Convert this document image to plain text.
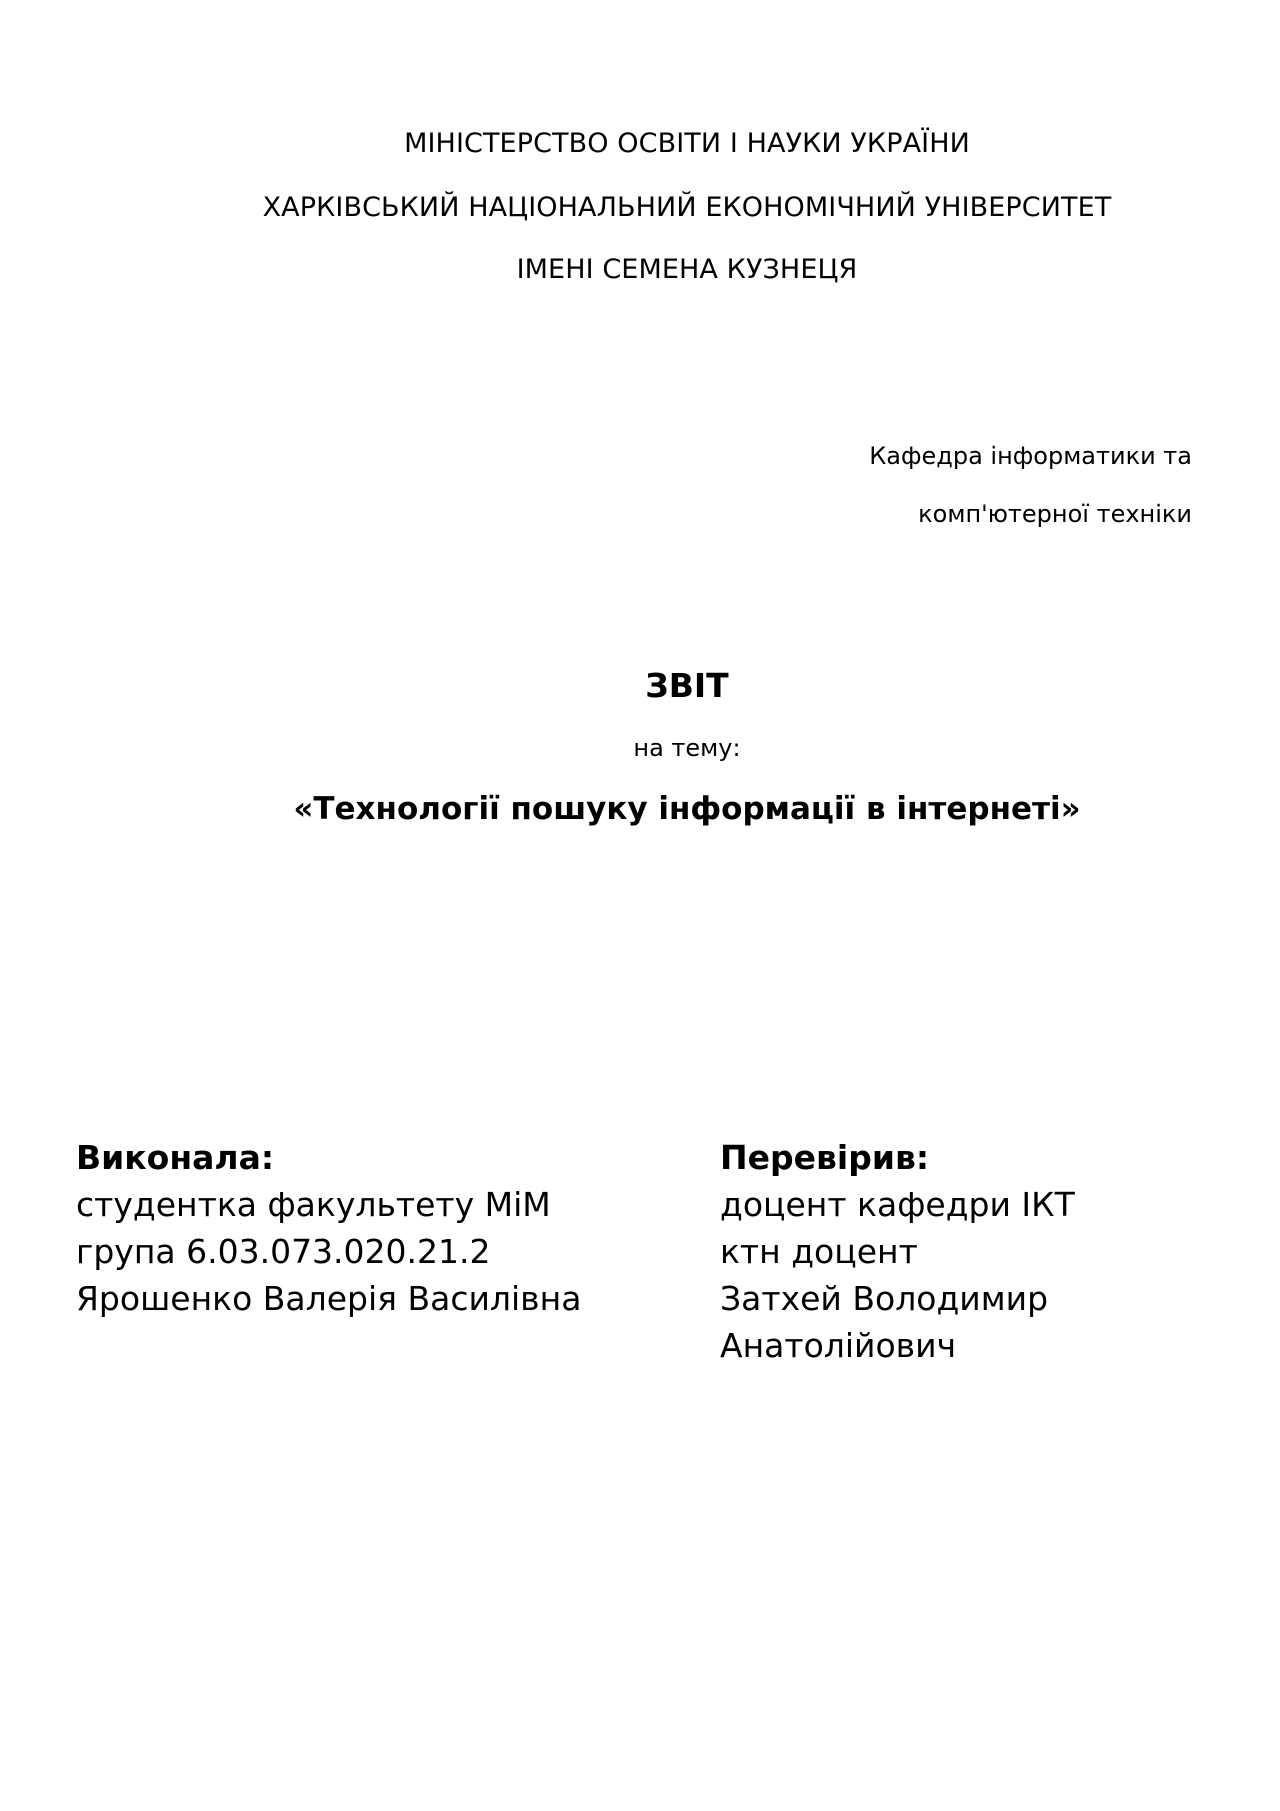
МІНІСТЕРСТВО ОСВІТИ І НАУКИ УКРАЇНИ
ХАРКІВСЬКИЙ НАЦІОНАЛЬНИЙ ЕКОНОМІЧНИЙ УНІВЕРСИТЕТ
ІМЕНІ СЕМЕНА КУЗНЕЦЯ
Кафедра інформатики та
комп'ютерної техніки
ЗВІТ
на тему:
«Технології пошуку інформації в інтернеті»
Виконала:
студентка факультету МіМ
група 6.03.073.020.21.2
Ярошенко Валерія Василівна
Перевірив:
доцент кафедри ІКТ
ктн доцент
Затхей Володимир
Анатолійович
